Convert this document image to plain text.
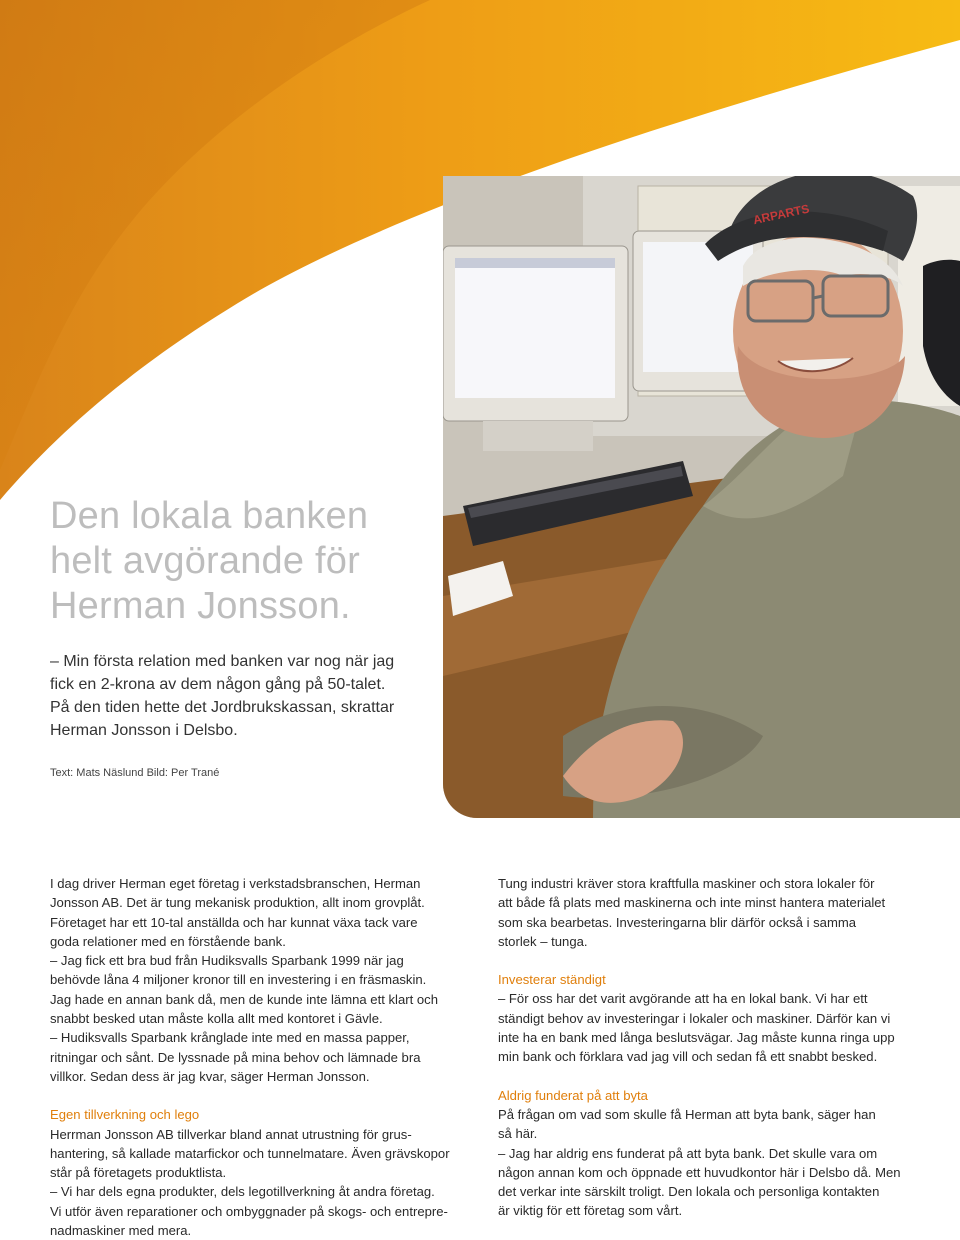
ARPARTS
Den lokala banken
helt avgörande för
Herman Jonsson.

– Min första relation med banken var nog när jag
fick en 2-krona av dem någon gång på 50-talet.
På den tiden hette det Jordbrukskassan, skrattar
Herman Jonsson i Delsbo.

Text: Mats Näslund Bild: Per Trané

I dag driver Herman eget företag i verkstadsbranschen, Herman
Jonsson AB. Det är tung mekanisk produktion, allt inom grovplåt.
Företaget har ett 10-tal anställda och har kunnat växa tack vare
goda relationer med en förstående bank.

– Jag fick ett bra bud från Hudiksvalls Sparbank 1999 när jag
behövde låna 4 miljoner kronor till en investering i en fräsmaskin.
Jag hade en annan bank då, men de kunde inte lämna ett klart och
snabbt besked utan måste kolla allt med kontoret i Gävle.

– Hudiksvalls Sparbank krånglade inte med en massa papper,
ritningar och sånt. De lyssnade på mina behov och lämnade bra
villkor. Sedan dess är jag kvar, säger Herman Jonsson.

Egen tillverkning och lego

Herrman Jonsson AB tillverkar bland annat utrustning för grus-
hantering, så kallade matarfickor och tunnelmatare. Även grävskopor
står på företagets produktlista.

– Vi har dels egna produkter, dels legotillverkning åt andra företag.
Vi utför även reparationer och ombyggnader på skogs- och entrepre-
nadmaskiner med mera.

Tung industri kräver stora kraftfulla maskiner och stora lokaler för
att både få plats med maskinerna och inte minst hantera materialet
som ska bearbetas. Investeringarna blir därför också i samma
storlek – tunga.

Investerar ständigt

– För oss har det varit avgörande att ha en lokal bank. Vi har ett
ständigt behov av investeringar i lokaler och maskiner. Därför kan vi
inte ha en bank med långa beslutsvägar. Jag måste kunna ringa upp
min bank och förklara vad jag vill och sedan få ett snabbt besked.

Aldrig funderat på att byta

På frågan om vad som skulle få Herman att byta bank, säger han
så här.

– Jag har aldrig ens funderat på att byta bank. Det skulle vara om
någon annan kom och öppnade ett huvudkontor här i Delsbo då. Men
det verkar inte särskilt troligt. Den lokala och personliga kontakten
är viktig för ett företag som vårt.
